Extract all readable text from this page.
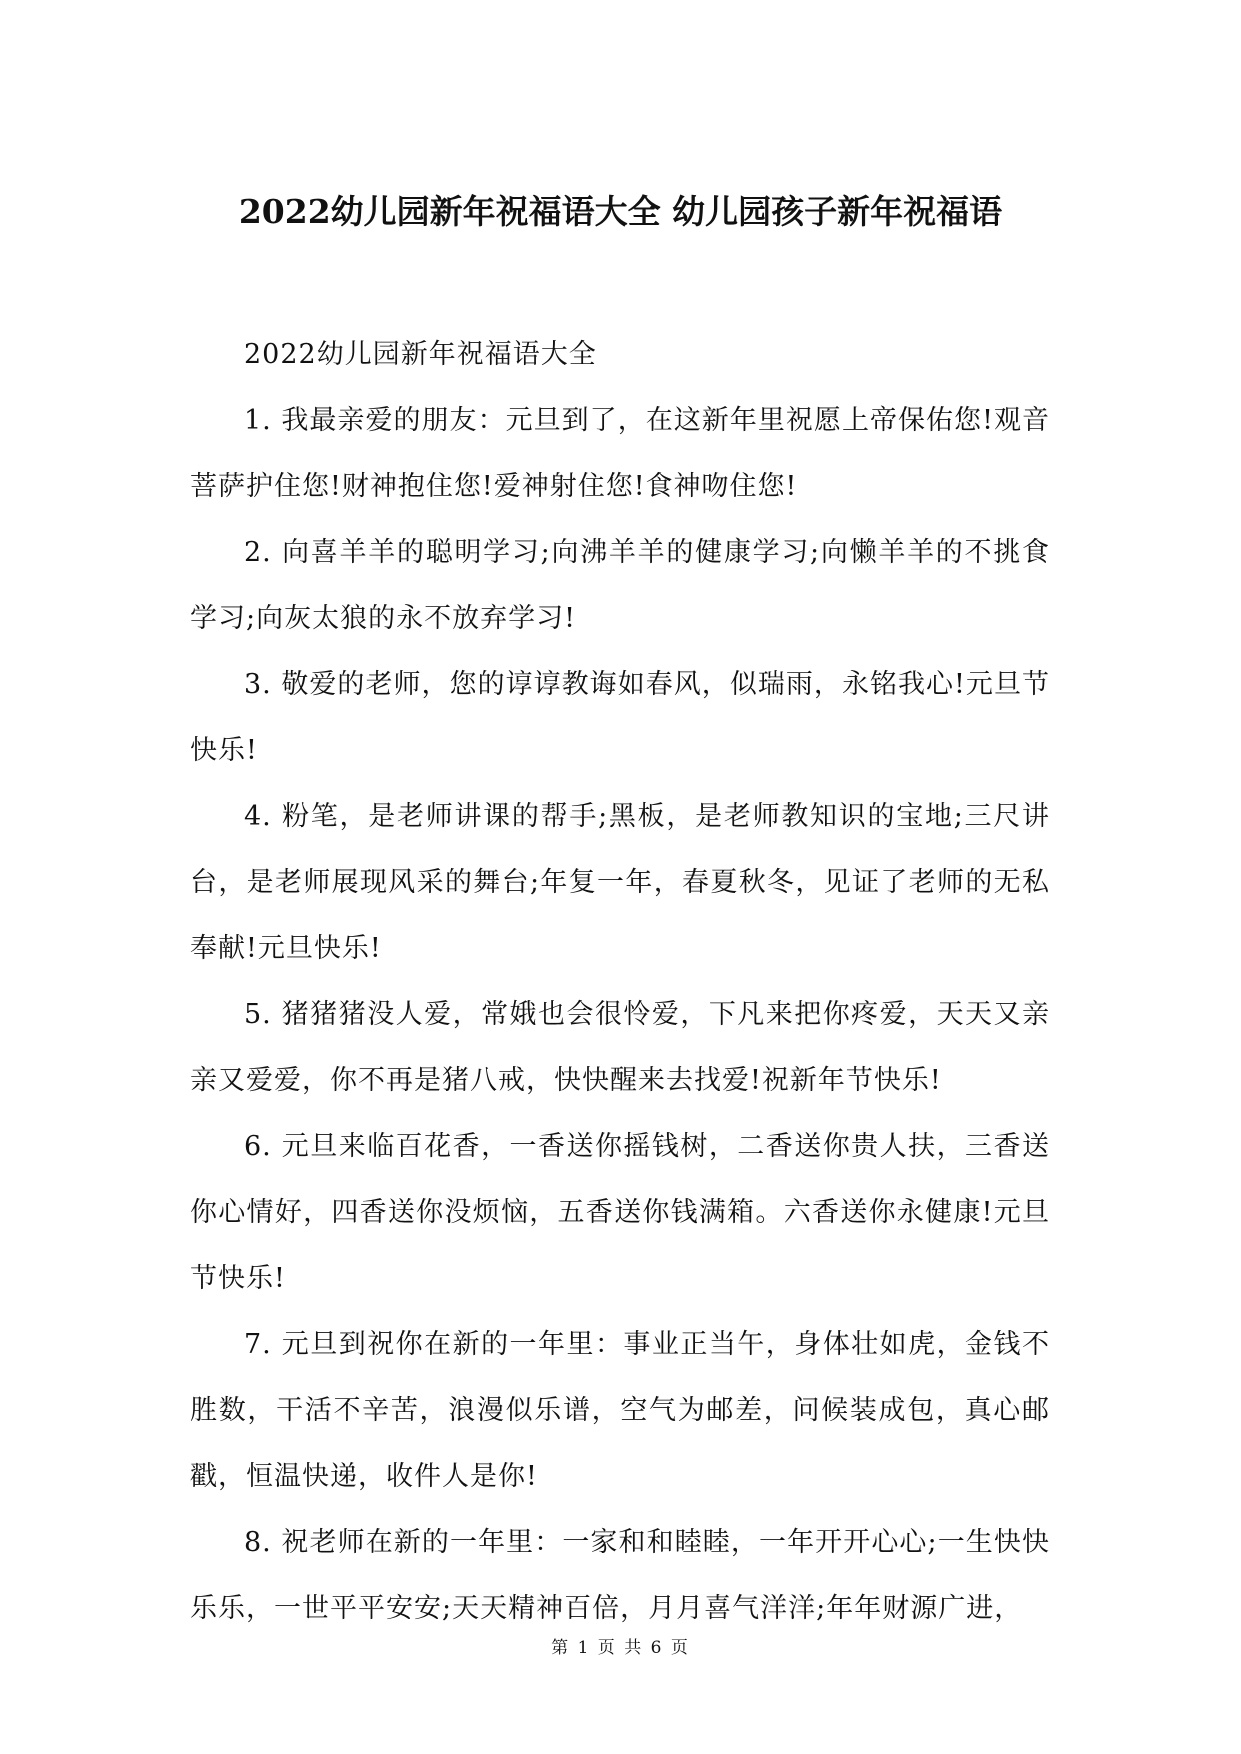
2022幼儿园新年祝福语大全 幼儿园孩子新年祝福语

2022幼儿园新年祝福语大全

1. 我最亲爱的朋友：元旦到了，在这新年里祝愿上帝保佑您!观音菩萨护住您!财神抱住您!爱神射住您!食神吻住您!

2. 向喜羊羊的聪明学习;向沸羊羊的健康学习;向懒羊羊的不挑食学习;向灰太狼的永不放弃学习!

3. 敬爱的老师，您的谆谆教诲如春风，似瑞雨，永铭我心!元旦节快乐!

4. 粉笔，是老师讲课的帮手;黑板，是老师教知识的宝地;三尺讲台，是老师展现风采的舞台;年复一年，春夏秋冬，见证了老师的无私奉献!元旦快乐!

5. 猪猪猪没人爱，常娥也会很怜爱，下凡来把你疼爱，天天又亲亲又爱爱，你不再是猪八戒，快快醒来去找爱!祝新年节快乐!

6. 元旦来临百花香，一香送你摇钱树，二香送你贵人扶，三香送你心情好，四香送你没烦恼，五香送你钱满箱。六香送你永健康!元旦节快乐!

7. 元旦到祝你在新的一年里：事业正当午，身体壮如虎，金钱不胜数，干活不辛苦，浪漫似乐谱，空气为邮差，问候装成包，真心邮戳，恒温快递，收件人是你!

8. 祝老师在新的一年里：一家和和睦睦，一年开开心心;一生快快乐乐，一世平平安安;天天精神百倍，月月喜气洋洋;年年财源广进，

第 1 页 共 6 页
